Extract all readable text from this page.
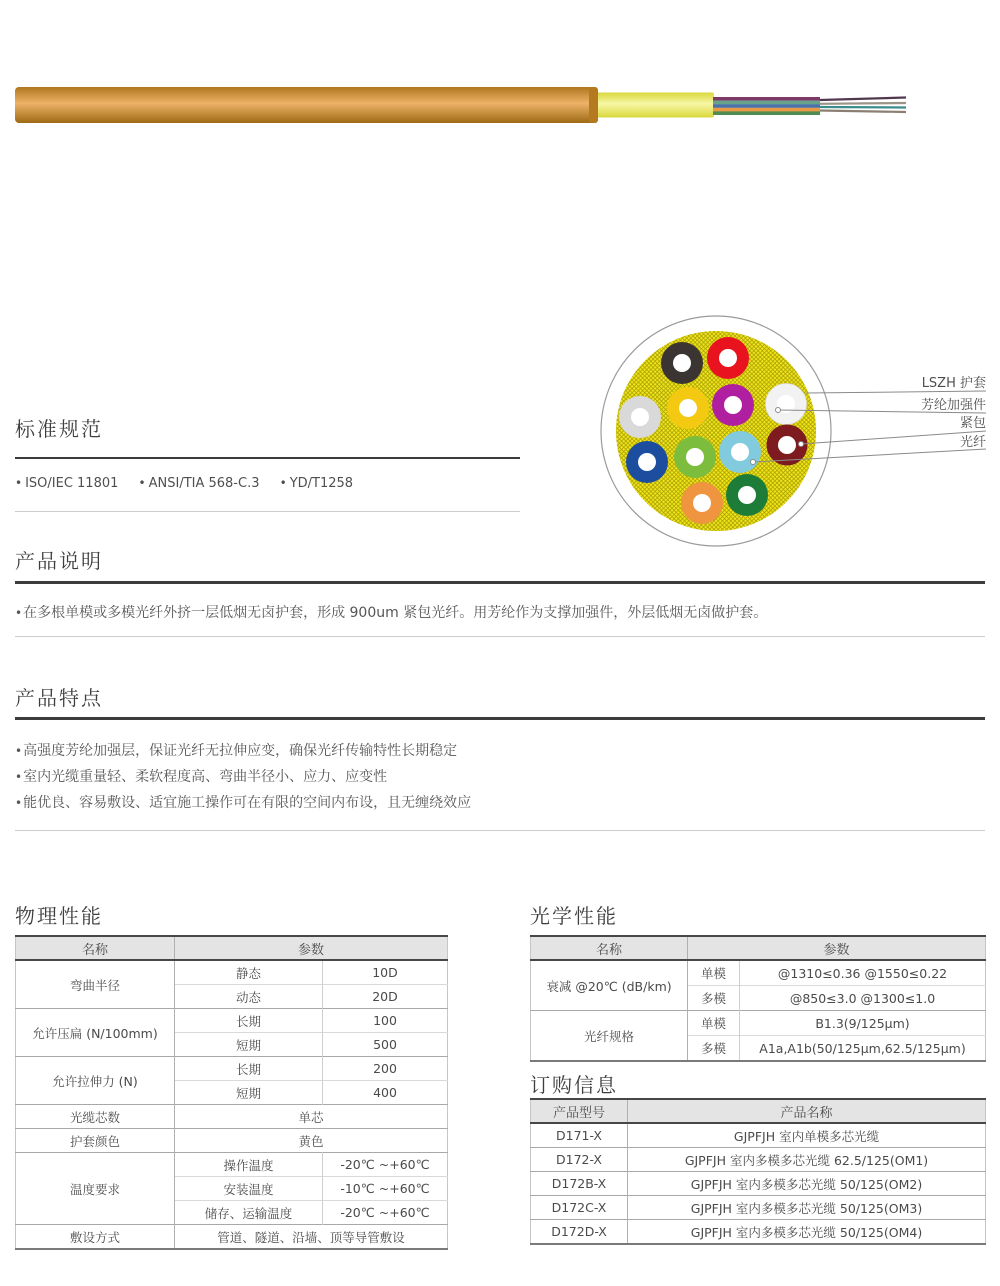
LSZH 护套
芳纶加强件
紧包
光纤
标准规范
• ISO/IEC 11801 • ANSI/TIA 568-C.3 • YD/T1258
产品说明
• 在多根单模或多模光纤外挤一层低烟无卤护套，形成 900um 紧包光纤。用芳纶作为支撑加强件，外层低烟无卤做护套。
产品特点
• 高强度芳纶加强层，保证光纤无拉伸应变，确保光纤传输特性长期稳定
• 室内光缆重量轻、柔软程度高、弯曲半径小、应力、应变性
• 能优良、容易敷设、适宜施工操作可在有限的空间内布设，且无缠绕效应
物理性能
名称	参数	
弯曲半径	静态	10D
	动态	20D
允许压扁 (N/100mm)	长期	100
	短期	500
允许拉伸力 (N)	长期	200
	短期	400
光缆芯数	单芯	
护套颜色	黄色	
温度要求	操作温度	-20℃ ~+60℃
	安装温度	-10℃ ~+60℃
	储存、运输温度	-20℃ ~+60℃
敷设方式	管道、隧道、沿墙、顶等导管敷设	
光学性能
名称	参数	
衰减 @20℃ (dB/km)	单模	@1310≤0.36 @1550≤0.22
	多模	@850≤3.0 @1300≤1.0
光纤规格	单模	B1.3(9/125μm)
	多模	A1a,A1b(50/125μm,62.5/125μm)
订购信息
产品型号	产品名称
D171-X	GJPFJH 室内单模多芯光缆
D172-X	GJPFJH 室内多模多芯光缆 62.5/125(OM1)
D172B-X	GJPFJH 室内多模多芯光缆 50/125(OM2)
D172C-X	GJPFJH 室内多模多芯光缆 50/125(OM3)
D172D-X	GJPFJH 室内多模多芯光缆 50/125(OM4)
